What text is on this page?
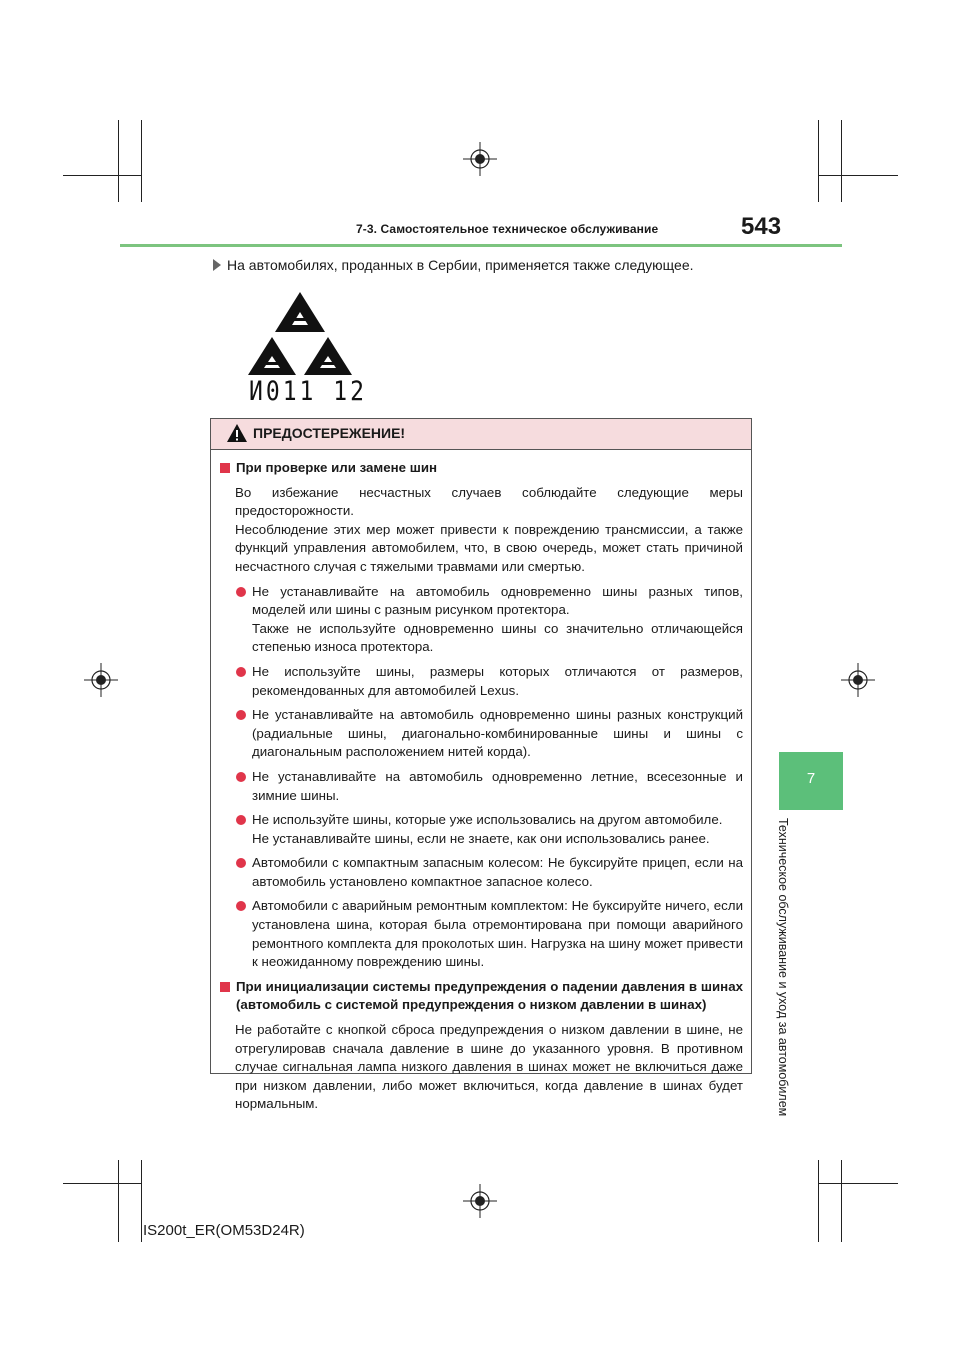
7-3. Самостоятельное техническое обслуживание	543
На автомобилях, проданных в Сербии, применяется также следующее.
И011 12
ПРЕДОСТЕРЕЖЕНИЕ!
При проверке или замене шин
Во избежание несчастных случаев соблюдайте следующие меры предосторожности.
Несоблюдение этих мер может привести к повреждению трансмиссии, а также функций управления автомобилем, что, в свою очередь, может стать причиной несчастного случая с тяжелыми травмами или смертью.
Не устанавливайте на автомобиль одновременно шины разных типов, моделей или шины с разным рисунком протектора.
Также не используйте одновременно шины со значительно отличающейся степенью износа протектора.
Не используйте шины, размеры которых отличаются от размеров, рекомендованных для автомобилей Lexus.
Не устанавливайте на автомобиль одновременно шины разных конструкций (радиальные шины, диагонально-комбинированные шины и шины с диагональным расположением нитей корда).
Не устанавливайте на автомобиль одновременно летние, всесезонные и зимние шины.
Не используйте шины, которые уже использовались на другом автомобиле.
Не устанавливайте шины, если не знаете, как они использовались ранее.
Автомобили с компактным запасным колесом: Не буксируйте прицеп, если на автомобиль установлено компактное запасное колесо.
Автомобили с аварийным ремонтным комплектом: Не буксируйте ничего, если установлена шина, которая была отремонтирована при помощи аварийного ремонтного комплекта для проколотых шин. Нагрузка на шину может привести к неожиданному повреждению шины.
При инициализации системы предупреждения о падении давления в шинах (автомобиль с системой предупреждения о низком давлении в шинах)
Не работайте с кнопкой сброса предупреждения о низком давлении в шине, не отрегулировав сначала давление в шине до указанного уровня. В противном случае сигнальная лампа низкого давления в шинах может не включиться даже при низком давлении, либо может включиться, когда давление в шинах будет нормальным.
7
Техническое обслуживание и уход за автомобилем
IS200t_ER(OM53D24R)
